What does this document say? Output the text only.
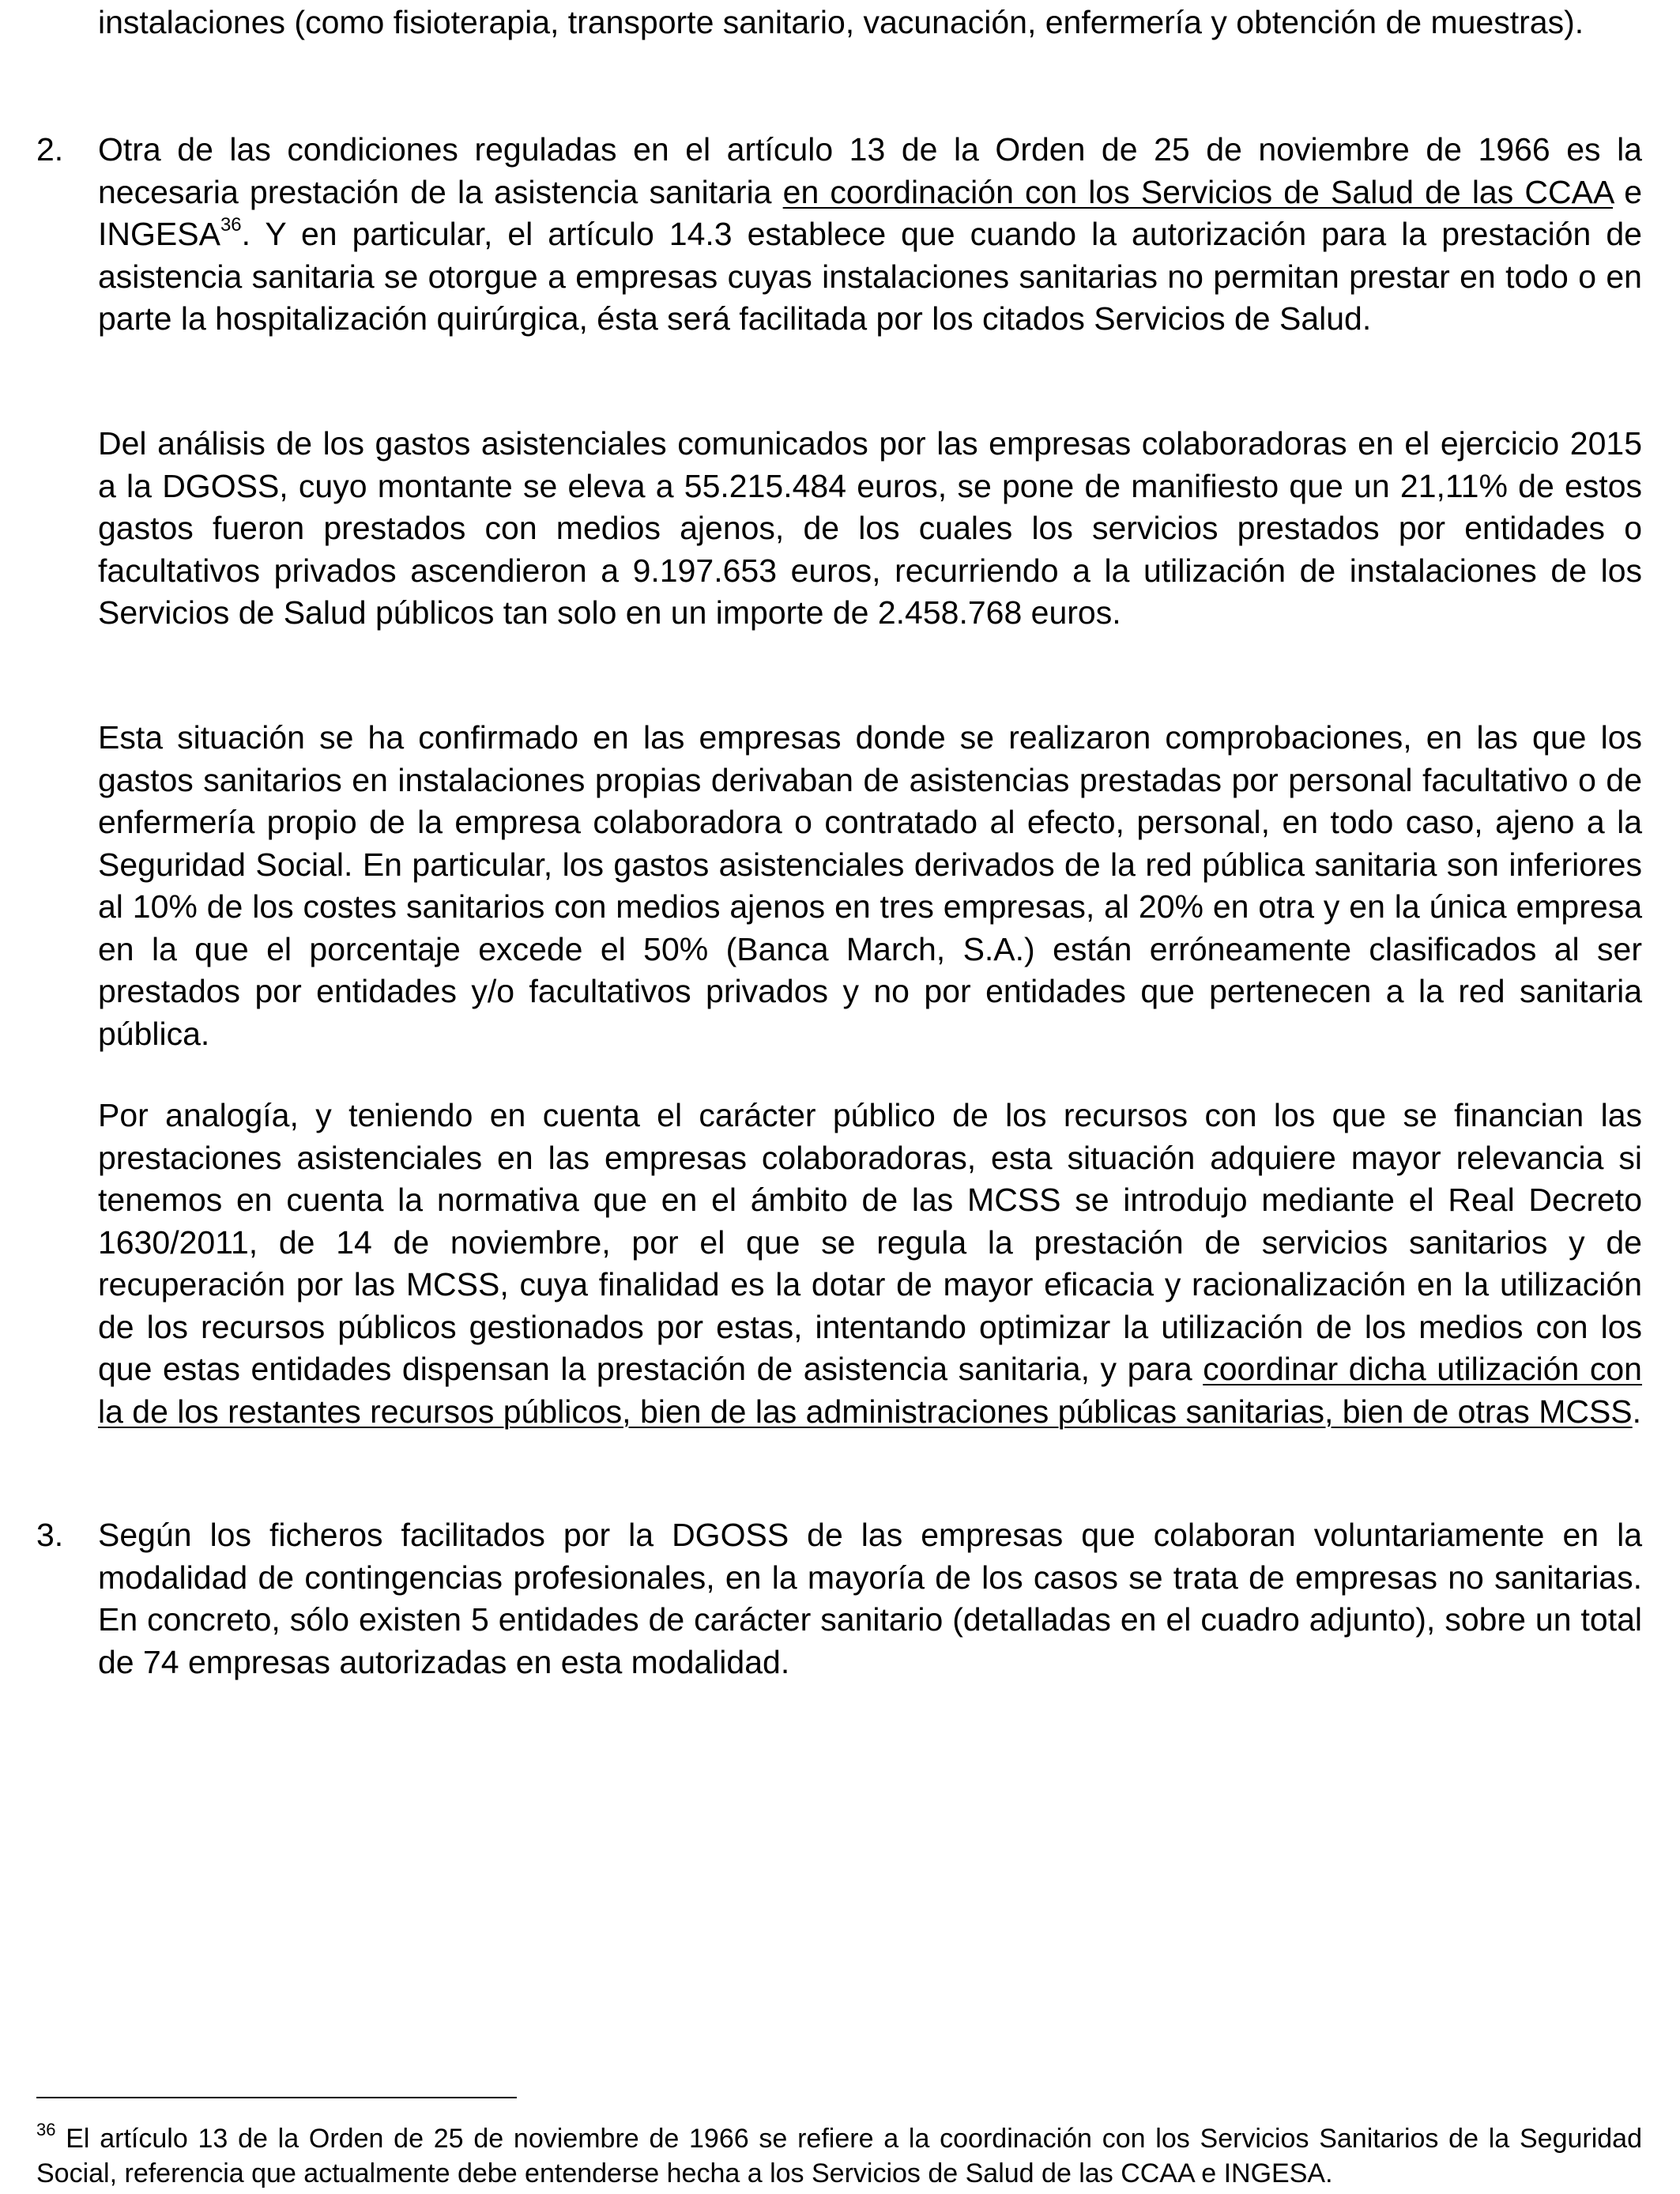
instalaciones (como fisioterapia, transporte sanitario, vacunación, enfermería y obtención de muestras).

2. Otra de las condiciones reguladas en el artículo 13 de la Orden de 25 de noviembre de 1966 es la necesaria prestación de la asistencia sanitaria en coordinación con los Servicios de Salud de las CCAA e INGESA$^{36}$. Y en particular, el artículo 14.3 establece que cuando la autorización para la prestación de asistencia sanitaria se otorgue a empresas cuyas instalaciones sanitarias no permitan prestar en todo o en parte la hospitalización quirúrgica, ésta será facilitada por los citados Servicios de Salud.

Del análisis de los gastos asistenciales comunicados por las empresas colaboradoras en el ejercicio 2015 a la DGOSS, cuyo montante se eleva a 55.215.484 euros, se pone de manifiesto que un 21,11% de estos gastos fueron prestados con medios ajenos, de los cuales los servicios prestados por entidades o facultativos privados ascendieron a 9.197.653 euros, recurriendo a la utilización de instalaciones de los Servicios de Salud públicos tan solo en un importe de 2.458.768 euros.

Esta situación se ha confirmado en las empresas donde se realizaron comprobaciones, en las que los gastos sanitarios en instalaciones propias derivaban de asistencias prestadas por personal facultativo o de enfermería propio de la empresa colaboradora o contratado al efecto, personal, en todo caso, ajeno a la Seguridad Social. En particular, los gastos asistenciales derivados de la red pública sanitaria son inferiores al 10% de los costes sanitarios con medios ajenos en tres empresas, al 20% en otra y en la única empresa en la que el porcentaje excede el 50% (Banca March, S.A.) están erróneamente clasificados al ser prestados por entidades y/o facultativos privados y no por entidades que pertenecen a la red sanitaria pública.

Por analogía, y teniendo en cuenta el carácter público de los recursos con los que se financian las prestaciones asistenciales en las empresas colaboradoras, esta situación adquiere mayor relevancia si tenemos en cuenta la normativa que en el ámbito de las MCSS se introdujo mediante el Real Decreto 1630/2011, de 14 de noviembre, por el que se regula la prestación de servicios sanitarios y de recuperación por las MCSS, cuya finalidad es la dotar de mayor eficacia y racionalización en la utilización de los recursos públicos gestionados por estas, intentando optimizar la utilización de los medios con los que estas entidades dispensan la prestación de asistencia sanitaria, y para coordinar dicha utilización con la de los restantes recursos públicos, bien de las administraciones públicas sanitarias, bien de otras MCSS.

3. Según los ficheros facilitados por la DGOSS de las empresas que colaboran voluntariamente en la modalidad de contingencias profesionales, en la mayoría de los casos se trata de empresas no sanitarias. En concreto, sólo existen 5 entidades de carácter sanitario (detalladas en el cuadro adjunto), sobre un total de 74 empresas autorizadas en esta modalidad.

$^{36}$ El artículo 13 de la Orden de 25 de noviembre de 1966 se refiere a la coordinación con los Servicios Sanitarios de la Seguridad Social, referencia que actualmente debe entenderse hecha a los Servicios de Salud de las CCAA e INGESA.
